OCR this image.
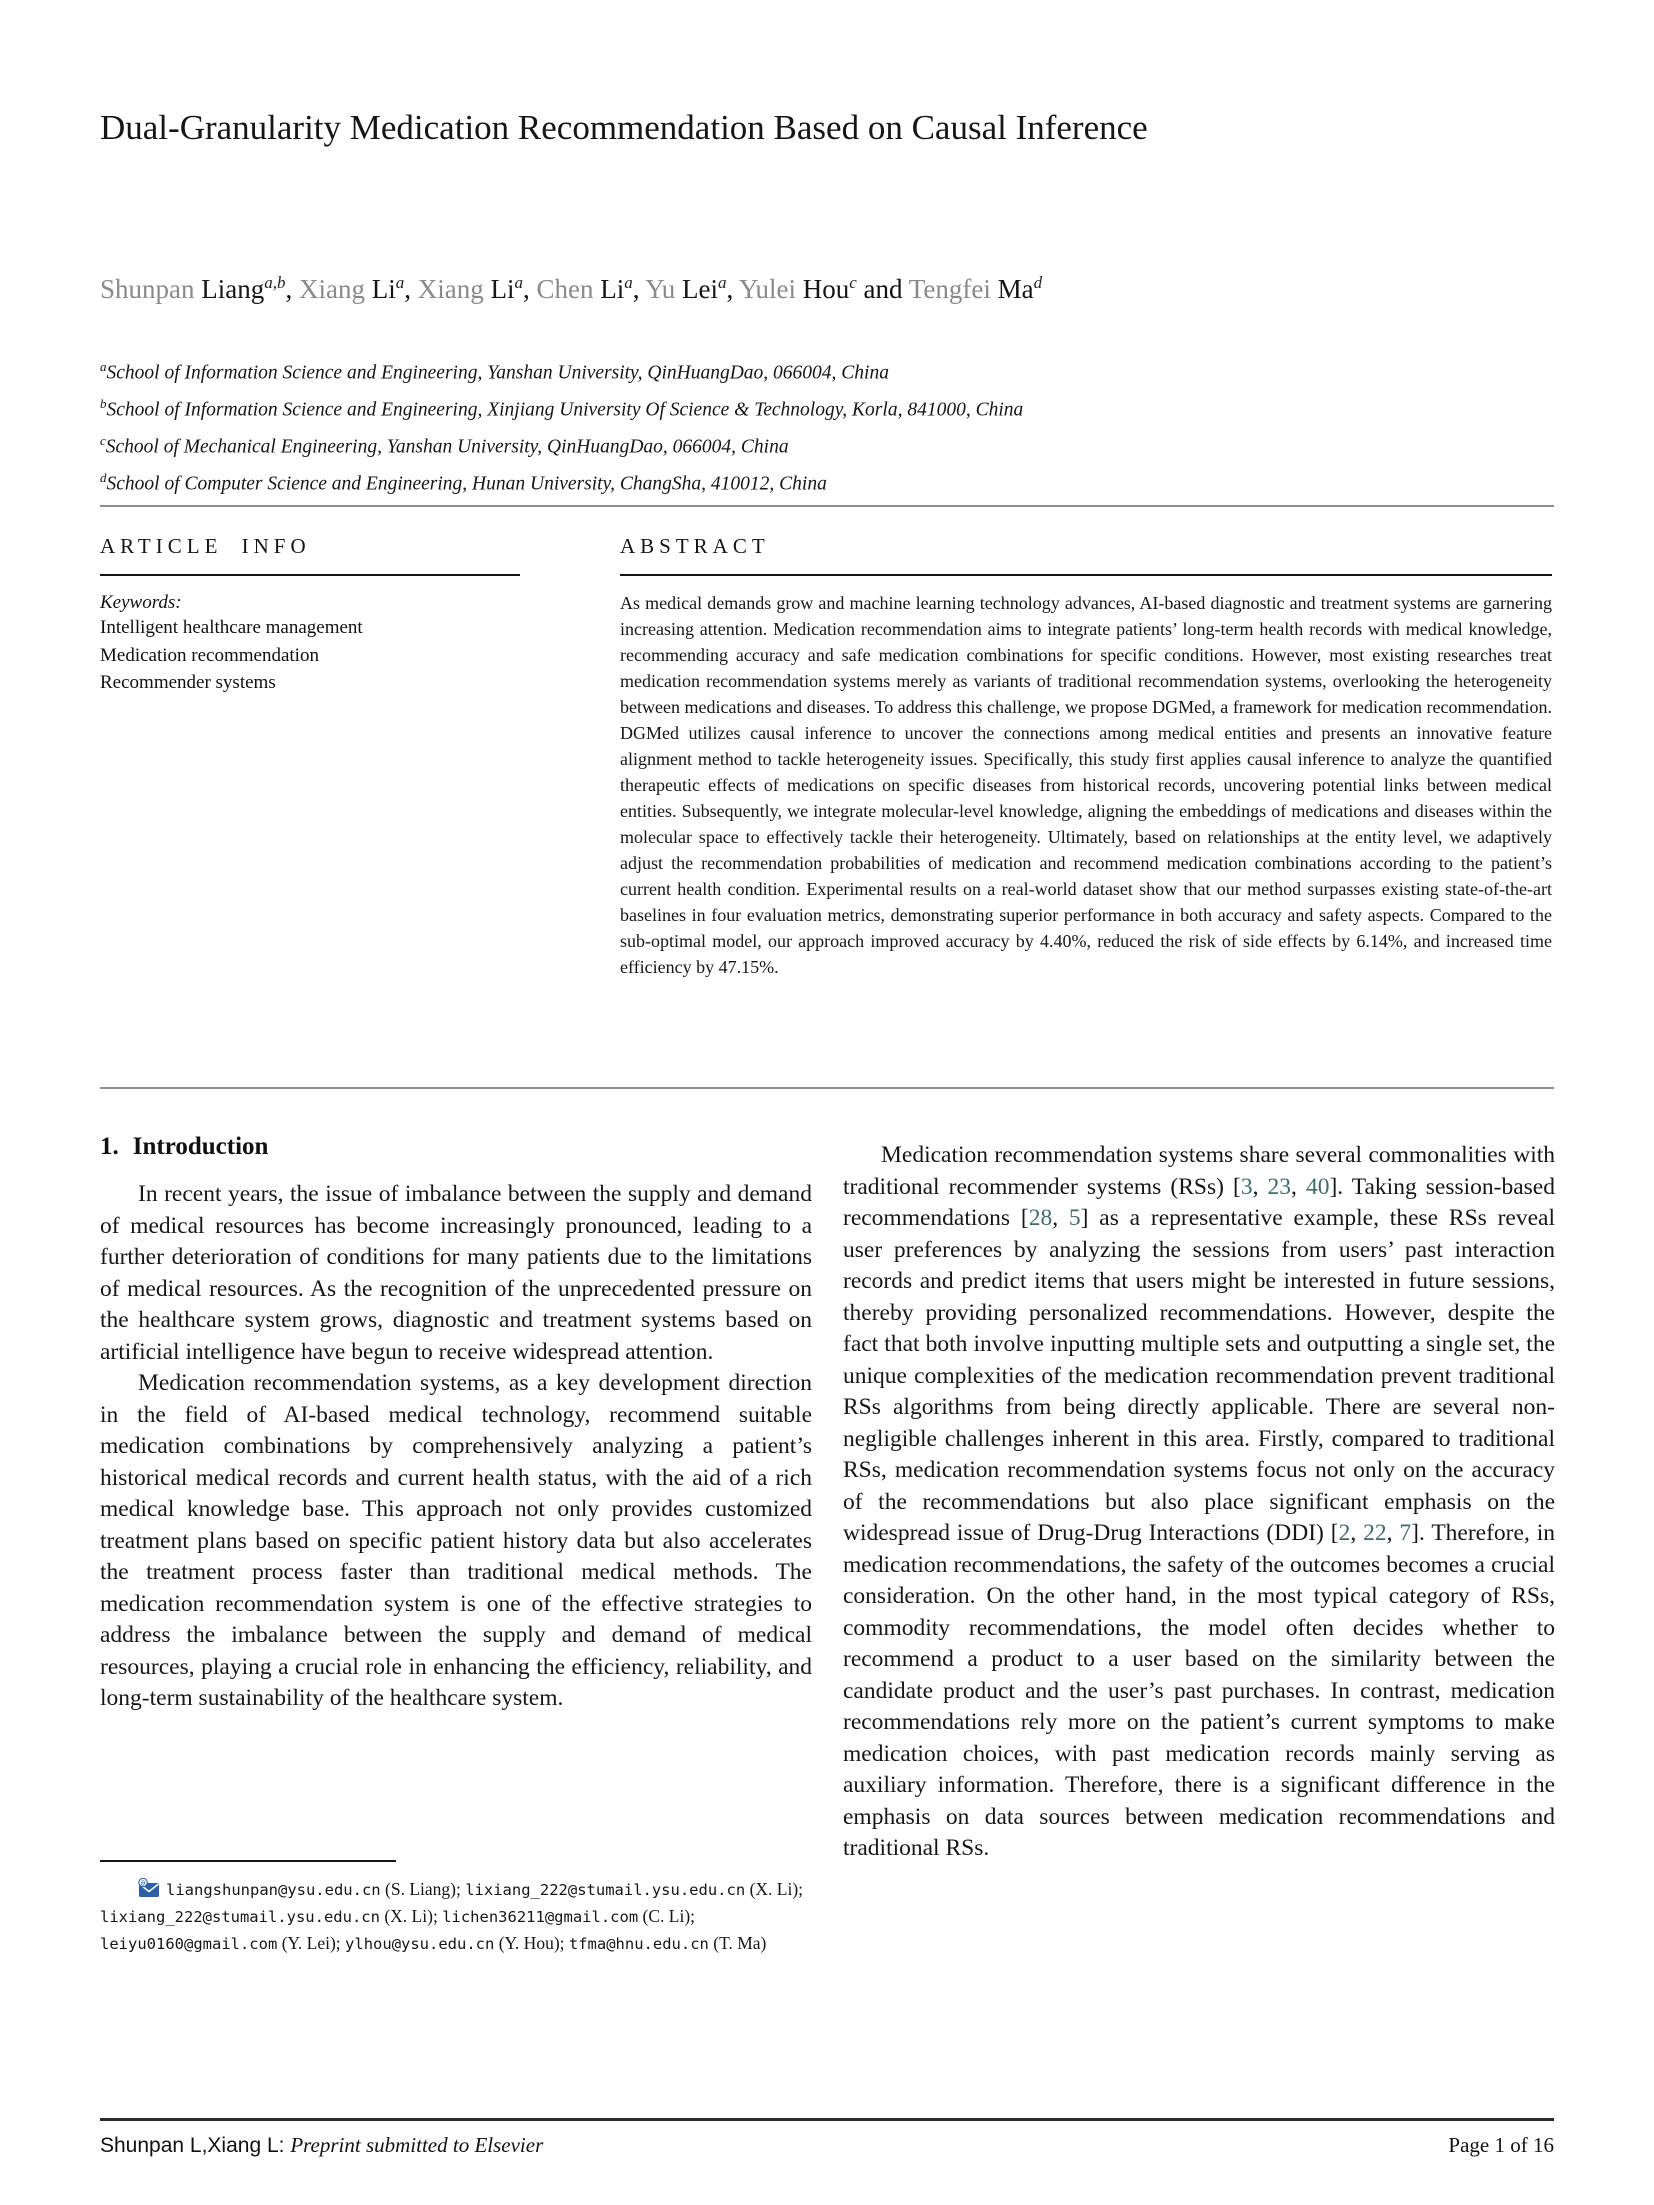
Dual-Granularity Medication Recommendation Based on Causal Inference
Shunpan Liang$^{a,b}$, Xiang Li$^a$, Xiang Li$^a$, Chen Li$^a$, Yu Lei$^a$, Yulei Hou$^c$ and Tengfei Ma$^d$
$^a$School of Information Science and Engineering, Yanshan University, QinHuangDao, 066004, China
$^b$School of Information Science and Engineering, Xinjiang University Of Science & Technology, Korla, 841000, China
$^c$School of Mechanical Engineering, Yanshan University, QinHuangDao, 066004, China
$^d$School of Computer Science and Engineering, Hunan University, ChangSha, 410012, China
ARTICLE INFO
Keywords:
Intelligent healthcare management
Medication recommendation
Recommender systems
ABSTRACT
As medical demands grow and machine learning technology advances, AI-based diagnostic and treatment systems are garnering increasing attention. Medication recommendation aims to integrate patients’ long-term health records with medical knowledge, recommending accuracy and safe medication combinations for specific conditions. However, most existing researches treat medication recommendation systems merely as variants of traditional recommendation systems, overlooking the heterogeneity between medications and diseases. To address this challenge, we propose DGMed, a framework for medication recommendation. DGMed utilizes causal inference to uncover the connections among medical entities and presents an innovative feature alignment method to tackle heterogeneity issues. Specifically, this study first applies causal inference to analyze the quantified therapeutic effects of medications on specific diseases from historical records, uncovering potential links between medical entities. Subsequently, we integrate molecular-level knowledge, aligning the embeddings of medications and diseases within the molecular space to effectively tackle their heterogeneity. Ultimately, based on relationships at the entity level, we adaptively adjust the recommendation probabilities of medication and recommend medication combinations according to the patient’s current health condition. Experimental results on a real-world dataset show that our method surpasses existing state-of-the-art baselines in four evaluation metrics, demonstrating superior performance in both accuracy and safety aspects. Compared to the sub-optimal model, our approach improved accuracy by 4.40%, reduced the risk of side effects by 6.14%, and increased time efficiency by 47.15%.
1. Introduction

In recent years, the issue of imbalance between the supply and demand of medical resources has become increasingly pronounced, leading to a further deterioration of conditions for many patients due to the limitations of medical resources. As the recognition of the unprecedented pressure on the healthcare system grows, diagnostic and treatment systems based on artificial intelligence have begun to receive widespread attention.

Medication recommendation systems, as a key development direction in the field of AI-based medical technology, recommend suitable medication combinations by comprehensively analyzing a patient’s historical medical records and current health status, with the aid of a rich medical knowledge base. This approach not only provides customized treatment plans based on specific patient history data but also accelerates the treatment process faster than traditional medical methods. The medication recommendation system is one of the effective strategies to address the imbalance between the supply and demand of medical resources, playing a crucial role in enhancing the efficiency, reliability, and long-term sustainability of the healthcare system.

Medication recommendation systems share several commonalities with traditional recommender systems (RSs) [3, 23, 40]. Taking session-based recommendations [28, 5] as a representative example, these RSs reveal user preferences by analyzing the sessions from users’ past interaction records and predict items that users might be interested in future sessions, thereby providing personalized recommendations. However, despite the fact that both involve inputting multiple sets and outputting a single set, the unique complexities of the medication recommendation prevent traditional RSs algorithms from being directly applicable. There are several non-negligible challenges inherent in this area. Firstly, compared to traditional RSs, medication recommendation systems focus not only on the accuracy of the recommendations but also place significant emphasis on the widespread issue of Drug-Drug Interactions (DDI) [2, 22, 7]. Therefore, in medication recommendations, the safety of the outcomes becomes a crucial consideration. On the other hand, in the most typical category of RSs, commodity recommendations, the model often decides whether to recommend a product to a user based on the similarity between the candidate product and the user’s past purchases. In contrast, medication recommendations rely more on the patient’s current symptoms to make medication choices, with past medication records mainly serving as auxiliary information. Therefore, there is a significant difference in the emphasis on data sources between medication recommendations and traditional RSs.

@ liangshunpan@ysu.edu.cn (S. Liang); lixiang_222@stumail.ysu.edu.cn (X. Li); lixiang_222@stumail.ysu.edu.cn (X. Li); lichen36211@gmail.com (C. Li); leiyu0160@gmail.com (Y. Lei); ylhou@ysu.edu.cn (Y. Hou); tfma@hnu.edu.cn (T. Ma)
Shunpan L,Xiang L: Preprint submitted to Elsevier	Page 1 of 16
